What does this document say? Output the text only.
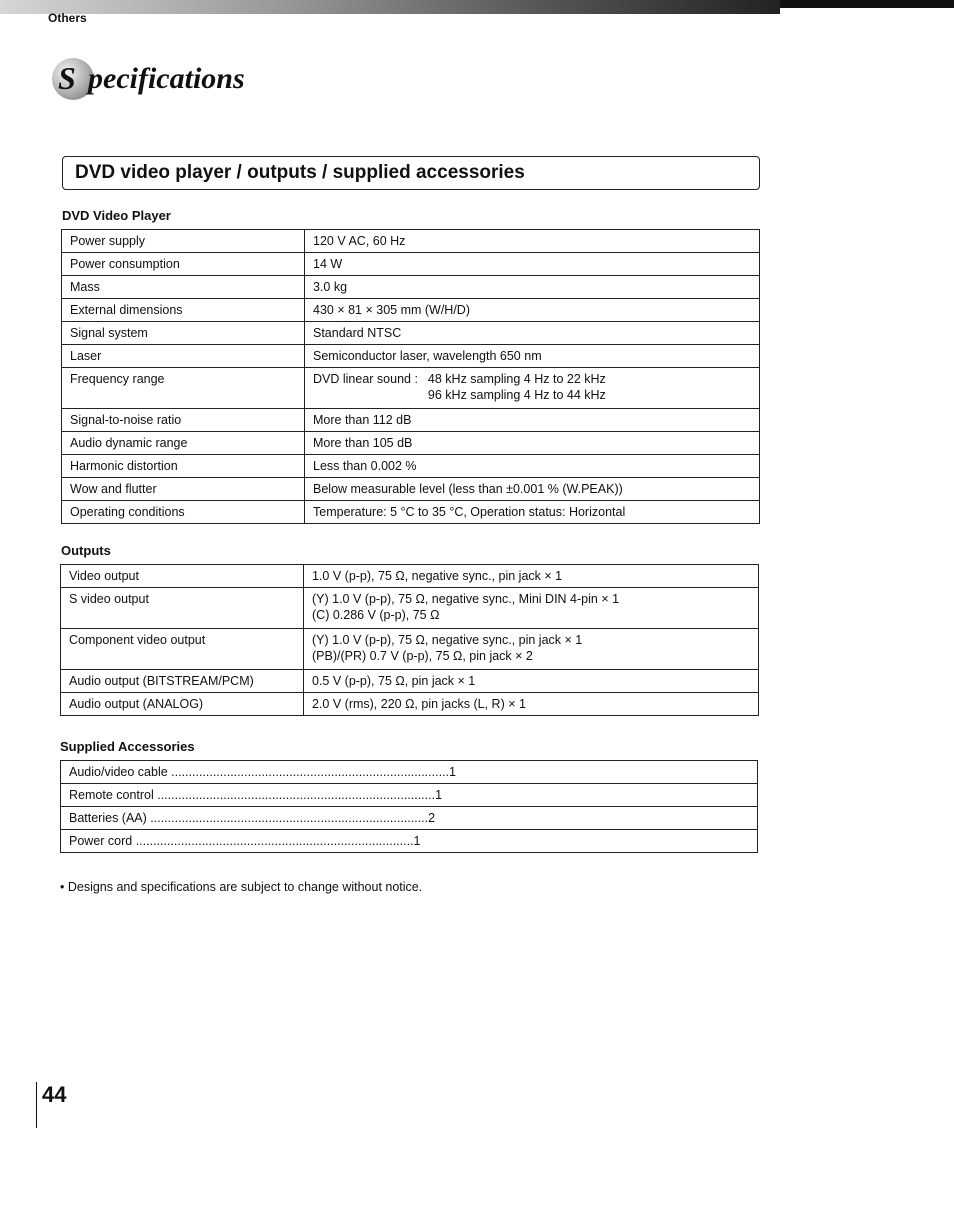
Others
S pecifications
DVD video player / outputs / supplied accessories
DVD Video Player
Power supply	120 V AC, 60 Hz
Power consumption	14 W
Mass	3.0 kg
External dimensions	430 × 81 × 305 mm (W/H/D)
Signal system	Standard NTSC
Laser	Semiconductor laser, wavelength 650 nm
Frequency range	DVD linear sound : 48 kHz sampling 4 Hz to 22 kHz
96 kHz sampling 4 Hz to 44 kHz

Signal-to-noise ratio	More than 112 dB
Audio dynamic range	More than 105 dB
Harmonic distortion	Less than 0.002 %
Wow and flutter	Below measurable level (less than ±0.001 % (W.PEAK))
Operating conditions	Temperature: 5 °C to 35 °C, Operation status: Horizontal
Outputs
Video output	1.0 V (p-p), 75 Ω, negative sync., pin jack × 1
S video output	(Y) 1.0 V (p-p), 75 Ω, negative sync., Mini DIN 4-pin × 1
(C) 0.286 V (p-p), 75 Ω

Component video output	(Y) 1.0 V (p-p), 75 Ω, negative sync., pin jack × 1
(PB)/(PR) 0.7 V (p-p), 75 Ω, pin jack × 2

Audio output (BITSTREAM/PCM)	0.5 V (p-p), 75 Ω, pin jack × 1
Audio output (ANALOG)	2.0 V (rms), 220 Ω, pin jacks (L, R) × 1
Supplied Accessories
Audio/video cable ................................................................................ 1

Remote control ................................................................................ 1

Batteries (AA) ................................................................................ 2

Power cord ................................................................................ 1
• Designs and specifications are subject to change without notice.
44
